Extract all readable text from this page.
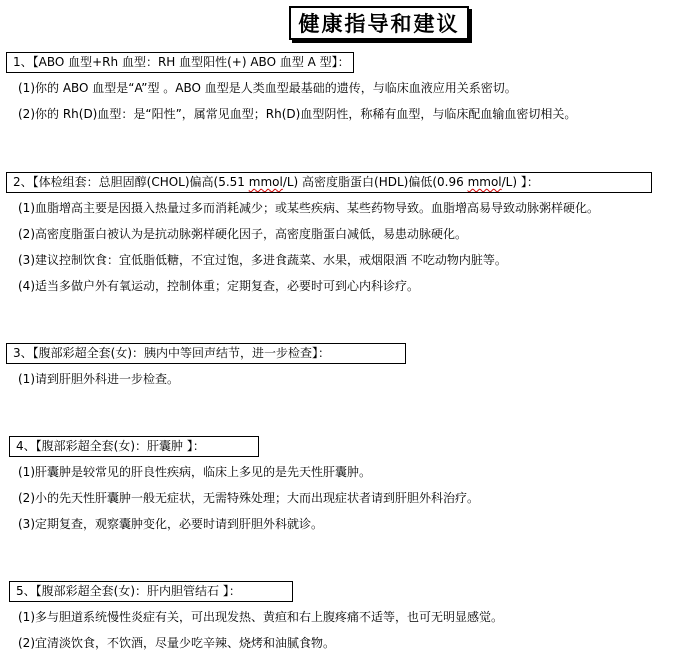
健康指导和建议
1、【ABO 血型+Rh 血型：RH 血型阳性(+) ABO 血型 A 型】：
(1)你的 ABO 血型是“A”型 。ABO 血型是人类血型最基础的遗传，与临床血液应用关系密切。
(2)你的 Rh(D)血型：是“阳性”，属常见血型；Rh(D)血型阴性，称稀有血型，与临床配血输血密切相关。
2、【体检组套：总胆固醇(CHOL)偏高(5.51 mmol/L) 高密度脂蛋白(HDL)偏低(0.96 mmol/L) 】：
(1)血脂增高主要是因摄入热量过多而消耗减少；或某些疾病、某些药物导致。血脂增高易导致动脉粥样硬化。
(2)高密度脂蛋白被认为是抗动脉粥样硬化因子，高密度脂蛋白减低，易患动脉硬化。
(3)建议控制饮食：宜低脂低糖，不宜过饱，多进食蔬菜、水果，戒烟限酒 不吃动物内脏等。
(4)适当多做户外有氧运动，控制体重；定期复查，必要时可到心内科诊疗。
3、【腹部彩超全套(女)：胰内中等回声结节，进一步检查】：
(1)请到肝胆外科进一步检查。
4、【腹部彩超全套(女)：肝囊肿 】：
(1)肝囊肿是较常见的肝良性疾病，临床上多见的是先天性肝囊肿。
(2)小的先天性肝囊肿一般无症状，无需特殊处理；大而出现症状者请到肝胆外科治疗。
(3)定期复查，观察囊肿变化，必要时请到肝胆外科就诊。
5、【腹部彩超全套(女)：肝内胆管结石 】：
(1)多与胆道系统慢性炎症有关，可出现发热、黄疸和右上腹疼痛不适等，也可无明显感觉。
(2)宜清淡饮食，不饮酒，尽量少吃辛辣、烧烤和油腻食物。
